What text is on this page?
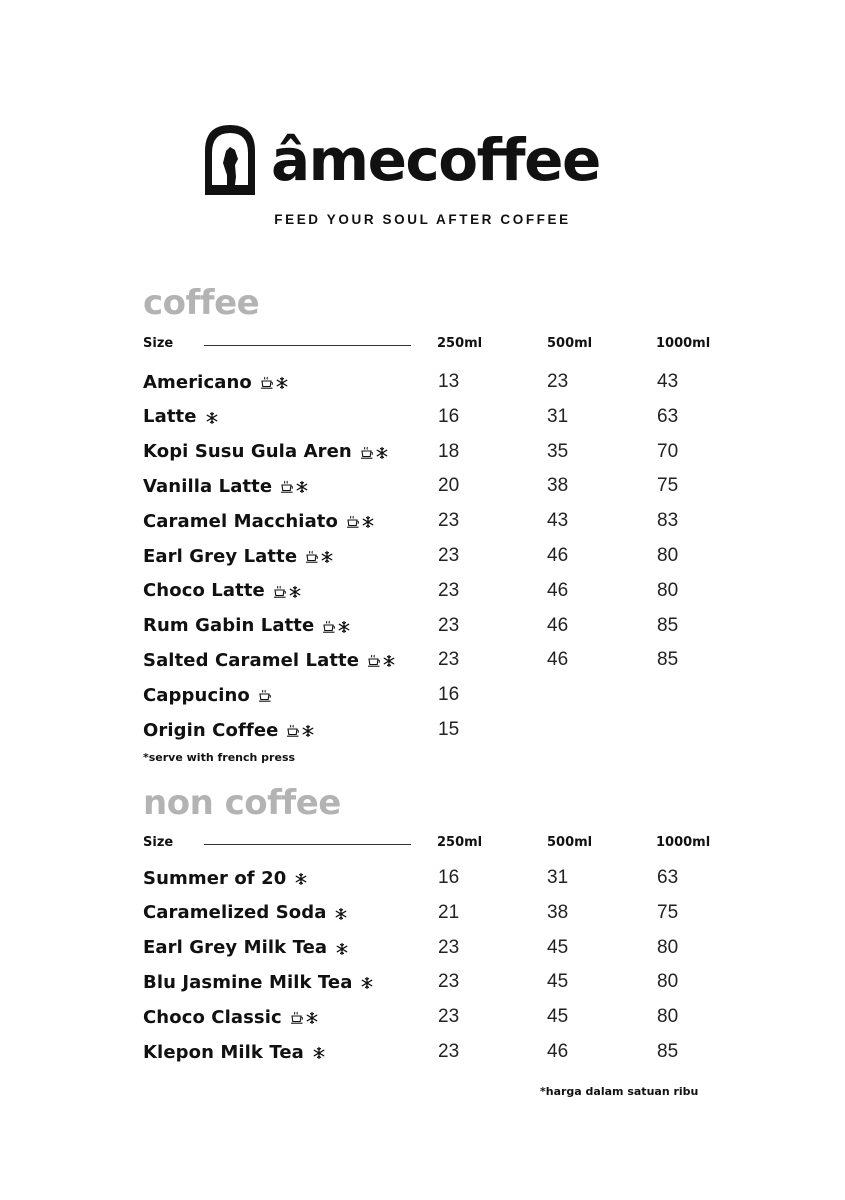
âmecoffee
FEED YOUR SOUL AFTER COFFEE
coffee
Size	250ml	500ml	1000ml
Americano	13	23	43
Latte	16	31	63
Kopi Susu Gula Aren	18	35	70
Vanilla Latte	20	38	75
Caramel Macchiato	23	43	83
Earl Grey Latte	23	46	80
Choco Latte	23	46	80
Rum Gabin Latte	23	46	85
Salted Caramel Latte	23	46	85
Cappucino	16
Origin Coffee	15
*serve with french press
non coffee
Size	250ml	500ml	1000ml
Summer of 20	16	31	63
Caramelized Soda	21	38	75
Earl Grey Milk Tea	23	45	80
Blu Jasmine Milk Tea	23	45	80
Choco Classic	23	45	80
Klepon Milk Tea	23	46	85
*harga dalam satuan ribu
